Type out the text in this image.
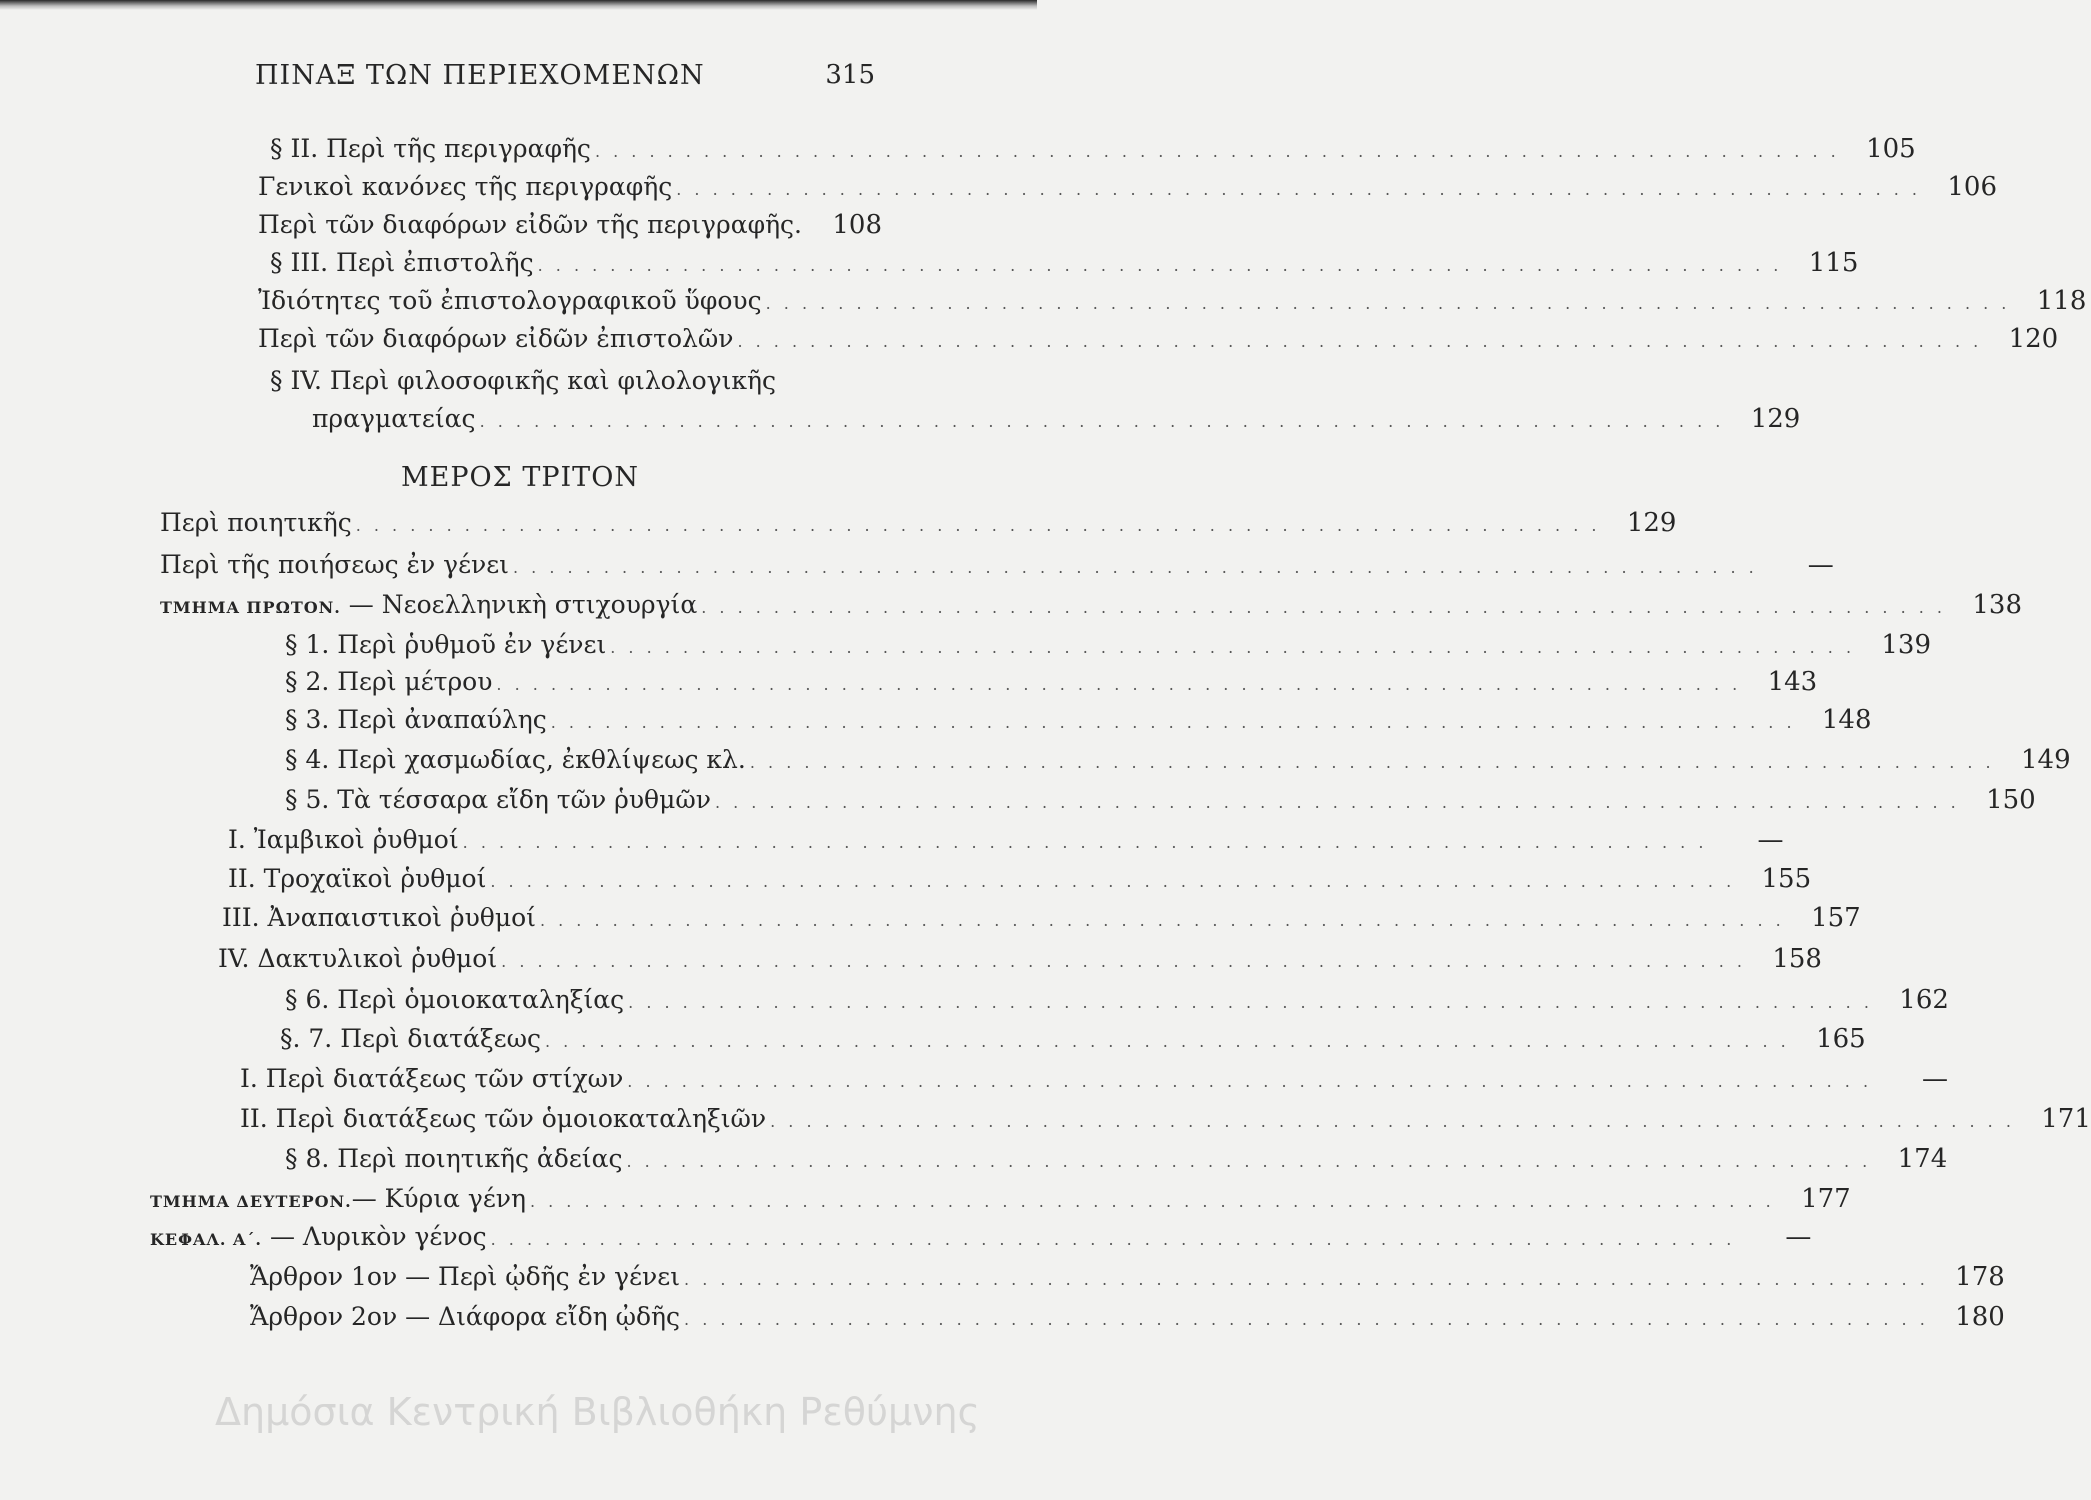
ΠΙΝΑΞ ΤΩΝ ΠΕΡΙΕΧΟΜΕΝΩΝ	315
ΜΕΡΟΣ ΤΡΙΤΟΝ
§ ΙΙ. Περὶ τῆς περιγραφῆς . . .	105
Γενικοὶ κανόνες τῆς περιγραφῆς . . .	106
Περὶ τῶν διαφόρων εἰδῶν τῆς περιγραφῆς.	108
§ ΙΙΙ. Περὶ ἐπιστολῆς . . .	115
Ἰδιότητες τοῦ ἐπιστολογραφικοῦ ὕφους . . .	118
Περὶ τῶν διαφόρων εἰδῶν ἐπιστολῶν . . .	120
§ IV. Περὶ φιλοσοφικῆς καὶ φιλολογικῆς
πραγματείας . . .	129
Περὶ ποιητικῆς . . .	129
Περὶ τῆς ποιήσεως ἐν γένει . . .	—
ΤΜΗΜΑ ΠΡΩΤΟΝ. — Νεοελληνικὴ στιχουργία . . .	138
§ 1. Περὶ ῥυθμοῦ ἐν γένει . . .	139
§ 2. Περὶ μέτρου . . .	143
§ 3. Περὶ ἀναπαύλης . . .	148
§ 4. Περὶ χασμωδίας, ἐκθλίψεως κλ. . . .	149
§ 5. Τὰ τέσσαρα εἴδη τῶν ῥυθμῶν . . .	150
Ι. Ἰαμβικοὶ ῥυθμοί . . .	—
ΙΙ. Τροχαϊκοὶ ῥυθμοί . . .	155
ΙΙΙ. Ἀναπαιστικοὶ ῥυθμοί . . .	157
IV. Δακτυλικοὶ ῥυθμοί . . .	158
§ 6. Περὶ ὁμοιοκαταληξίας . . .	162
§. 7. Περὶ διατάξεως . . .	165
Ι. Περὶ διατάξεως τῶν στίχων . . .	—
ΙΙ. Περὶ διατάξεως τῶν ὁμοιοκαταληξιῶν . . .	171
§ 8. Περὶ ποιητικῆς ἀδείας . . .	174
ΤΜΗΜΑ ΔΕΥΤΕΡΟΝ.— Κύρια γένη . . .	177
ΚΕΦΑΛ. Α΄. — Λυρικὸν γένος . . .	—
Ἄρθρον 1ον — Περὶ ᾠδῆς ἐν γένει . . .	178
Ἄρθρον 2ον — Διάφορα εἴδη ᾠδῆς . . .	180
Δημόσια Κεντρική Βιβλιοθήκη Ρεθύμνης
